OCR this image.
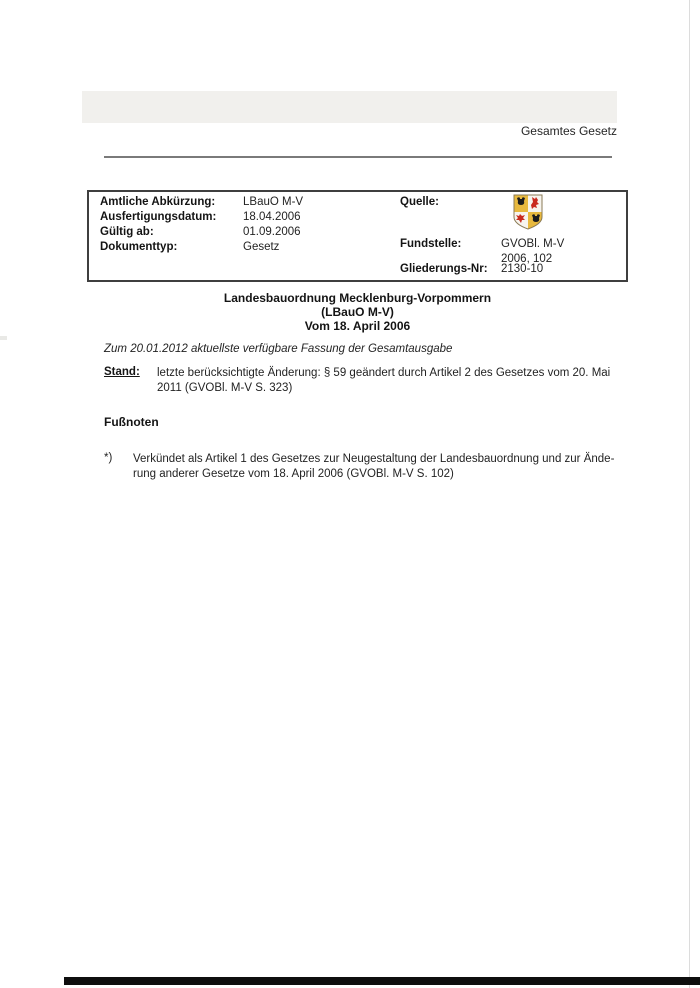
Gesamtes Gesetz
Amtliche Abkürzung: LBauO M-V
Ausfertigungsdatum: 18.04.2006
Gültig ab:	01.09.2006
Dokumenttyp:	Gesetz
Quelle:
Fundstelle:	GVOBl. M-V
2006, 102
Gliederungs-Nr: 2130-10
Landesbauordnung Mecklenburg-Vorpommern
(LBauO M-V)
Vom 18. April 2006
Zum 20.01.2012 aktuellste verfügbare Fassung der Gesamtausgabe
Stand: letzte berücksichtigte Änderung: § 59 geändert durch Artikel 2 des Gesetzes vom 20. Mai
2011 (GVOBl. M-V S. 323)
Fußnoten
*) Verkündet als Artikel 1 des Gesetzes zur Neugestaltung der Landesbauordnung und zur Ände-
rung anderer Gesetze vom 18. April 2006 (GVOBl. M-V S. 102)
